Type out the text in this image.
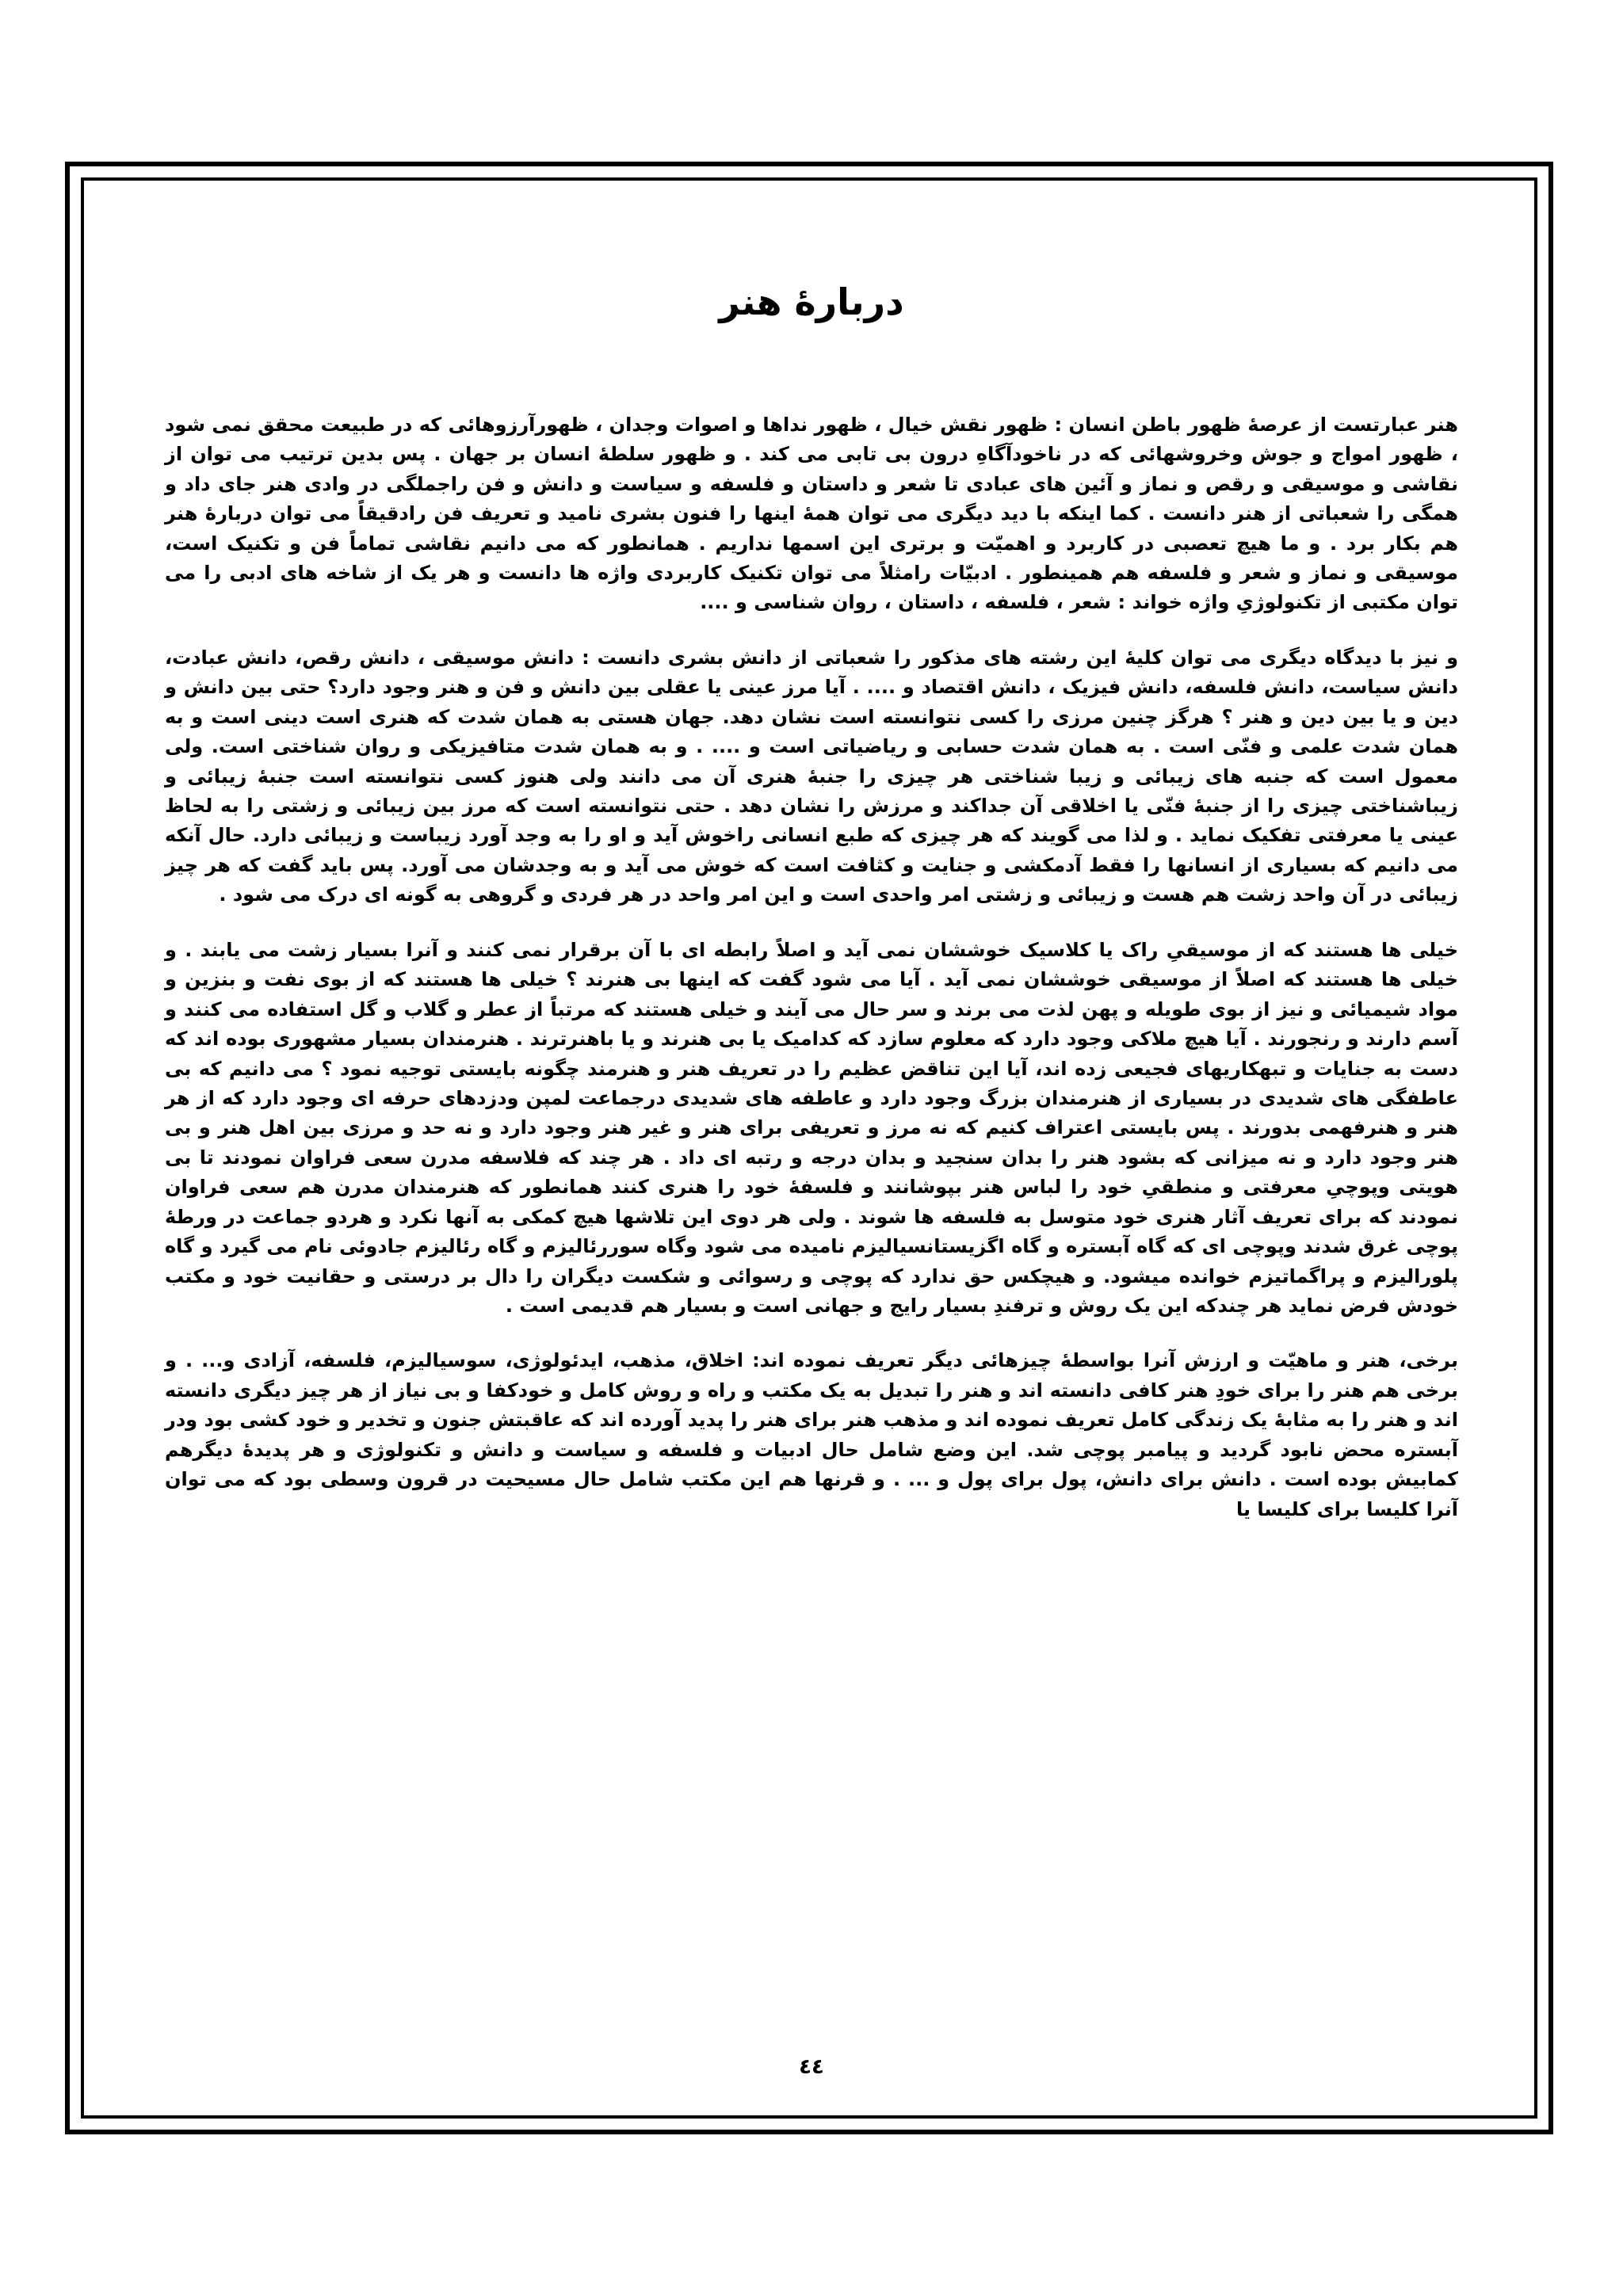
دربارهٔ هنر

هنر عبارتست از عرصهٔ ظهور باطن انسان : ظهور نقش خیال ، ظهور نداها و اصوات وجدان ، ظهورآرزوهائی که در طبیعت محقق نمی شود ، ظهور امواج و جوش وخروشهائی که در ناخودآگاهِ درون بی تابی می کند . و ظهور سلطهٔ انسان بر جهان . پس بدین ترتیب می توان از نقاشی و موسیقی و رقص و نماز و آئین های عبادی تا شعر و داستان و فلسفه و سیاست و دانش و فن راجملگی در وادی هنر جای داد و همگی را شعباتی از هنر دانست . کما اینکه با دید دیگری می توان همهٔ اینها را فنون بشری نامید و تعریف فن رادقیقاً می توان دربارهٔ هنر هم بکار برد . و ما هیچ تعصبی در کاربرد و اهمیّت و برتری این اسمها نداریم . همانطور که می دانیم نقاشی تماماً فن و تکنیک است، موسیقی و نماز و شعر و فلسفه هم همینطور . ادبیّات رامثلاً می توان تکنیک کاربردی واژه ها دانست و هر یک از شاخه های ادبی را می توان مکتبی از تکنولوژیِ واژه خواند : شعر ، فلسفه ، داستان ، روان شناسی و ....

و نیز با دیدگاه دیگری می توان کلیهٔ این رشته های مذکور را شعباتی از دانش بشری دانست : دانش موسیقی ، دانش رقص، دانش عبادت، دانش سیاست، دانش فلسفه، دانش فیزیک ، دانش اقتصاد و .... . آیا مرز عینی یا عقلی بین دانش و فن و هنر وجود دارد؟ حتی بین دانش و دین و یا بین دین و هنر ؟ هرگز چنین مرزی را کسی نتوانسته است نشان دهد. جهان هستی به همان شدت که هنری است دینی است و به همان شدت علمی و فنّی است . به همان شدت حسابی و ریاضیاتی است و .... . و به همان شدت متافیزیکی و روان شناختی است. ولی معمول است که جنبه های زیبائی و زیبا شناختی هر چیزی را جنبهٔ هنری آن می دانند ولی هنوز کسی نتوانسته است جنبهٔ زیبائی و زیباشناختی چیزی را از جنبهٔ فنّی یا اخلاقی آن جداکند و مرزش را نشان دهد . حتی نتوانسته است که مرز بین زیبائی و زشتی را به لحاظ عینی یا معرفتی تفکیک نماید . و لذا می گویند که هر چیزی که طبع انسانی راخوش آید و او را به وجد آورد زیباست و زیبائی دارد. حال آنکه می دانیم که بسیاری از انسانها را فقط آدمکشی و جنایت و کثافت است که خوش می آید و به وجدشان می آورد. پس باید گفت که هر چیز زیبائی در آن واحد زشت هم هست و زیبائی و زشتی امر واحدی است و این امر واحد در هر فردی و گروهی به گونه ای درک می شود .

خیلی ها هستند که از موسیقیِ راک یا کلاسیک خوششان نمی آید و اصلاً رابطه ای با آن برقرار نمی کنند و آنرا بسیار زشت می یابند . و خیلی ها هستند که اصلاً از موسیقی خوششان نمی آید . آیا می شود گفت که اینها بی هنرند ؟ خیلی ها هستند که از بوی نفت و بنزین و مواد شیمیائی و نیز از بوی طویله و پهن لذت می برند و سر حال می آیند و خیلی هستند که مرتباً از عطر و گلاب و گل استفاده می کنند و آسم دارند و رنجورند . آیا هیچ ملاکی وجود دارد که معلوم سازد که کدامیک یا بی هنرند و یا باهنرترند . هنرمندان بسیار مشهوری بوده اند که دست به جنایات و تبهکاریهای فجیعی زده اند، آیا این تناقض عظیم را در تعریف هنر و هنرمند چگونه بایستی توجیه نمود ؟ می دانیم که بی عاطفگی های شدیدی در بسیاری از هنرمندان بزرگ وجود دارد و عاطفه های شدیدی درجماعت لمپن ودزدهای حرفه ای وجود دارد که از هر هنر و هنرفهمی بدورند . پس بایستی اعتراف کنیم که نه مرز و تعریفی برای هنر و غیر هنر وجود دارد و نه حد و مرزی بین اهل هنر و بی هنر وجود دارد و نه میزانی که بشود هنر را بدان سنجید و بدان درجه و رتبه ای داد . هر چند که فلاسفه مدرن سعی فراوان نمودند تا بی هویتی وپوچیِ معرفتی و منطقیِ خود را لباس هنر بپوشانند و فلسفهٔ خود را هنری کنند همانطور که هنرمندان مدرن هم سعی فراوان نمودند که برای تعریف آثار هنری خود متوسل به فلسفه ها شوند . ولی هر دوی این تلاشها هیچ کمکی به آنها نکرد و هردو جماعت در ورطهٔ پوچی غرق شدند وپوچی ای که گاه آبستره و گاه اگزیستانسیالیزم نامیده می شود وگاه سوررئالیزم و گاه رئالیزم جادوئی نام می گیرد و گاه پلورالیزم و پراگماتیزم خوانده میشود. و هیچکس حق ندارد که پوچی و رسوائی و شکست دیگران را دال بر درستی و حقانیت خود و مکتب خودش فرض نماید هر چندکه این یک روش و ترفندِ بسیار رایج و جهانی است و بسیار هم قدیمی است .

برخی، هنر و ماهیّت و ارزش آنرا بواسطهٔ چیزهائی دیگر تعریف نموده اند: اخلاق، مذهب، ایدئولوژی، سوسیالیزم، فلسفه، آزادی و... . و برخی هم هنر را برای خودِ هنر کافی دانسته اند و هنر را تبدیل به یک مکتب و راه و روش کامل و خودکفا و بی نیاز از هر چیز دیگری دانسته اند و هنر را به مثابهٔ یک زندگی کامل تعریف نموده اند و مذهب هنر برای هنر را پدید آورده اند که عاقبتش جنون و تخدیر و خود کشی بود ودر آبستره محض نابود گردید و پیامبر پوچی شد. این وضع شامل حال ادبیات و فلسفه و سیاست و دانش و تکنولوژی و هر پدیدهٔ دیگرهم کمابیش بوده است . دانش برای دانش، پول برای پول و ... . و قرنها هم این مکتب شامل حال مسیحیت در قرون وسطی بود که می توان آنرا کلیسا برای کلیسا یا

٤٤
